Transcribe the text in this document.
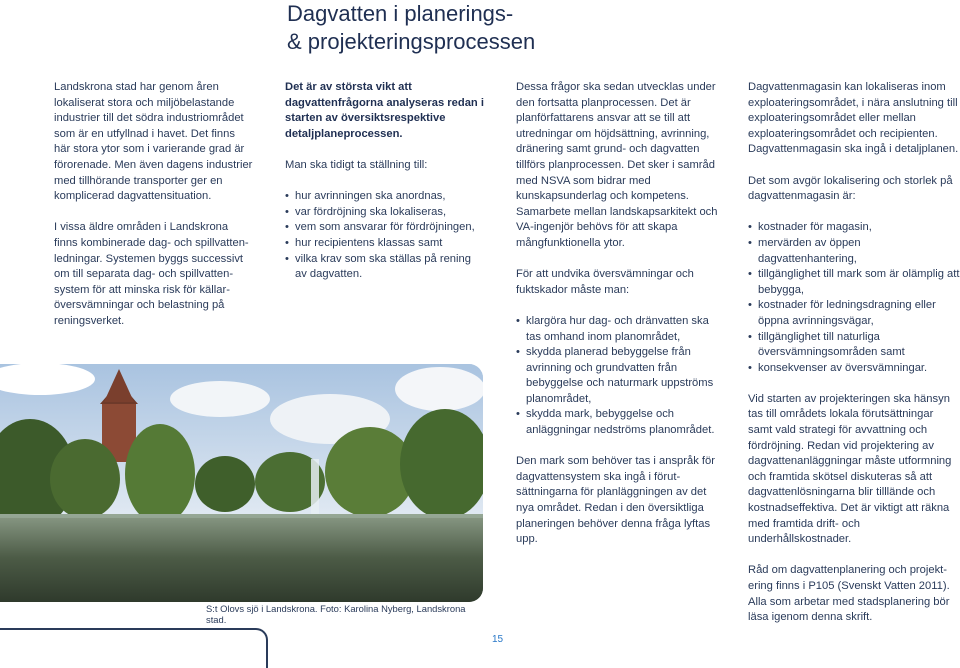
Dagvatten i planerings-
& projekteringsprocessen

Landskrona stad har genom åren lokaliserat stora och miljöbelastande industrier till det södra industriområdet som är en utfyllnad i havet. Det finns här stora ytor som i varierande grad är förorenade. Men även dagens industrier med tillhörande transporter ger en komplicerad dagvattensituation.

I vissa äldre områden i Landskrona finns kombinerade dag- och spillvattenledningar. Systemen byggs successivt om till separata dag- och spillvattensystem för att minska risk för källaröversvämningar och belastning på reningsverket.

Det är av största vikt att dagvattenfrågorna analyseras redan i starten av översiktsrespektive detaljplaneprocessen.

Man ska tidigt ta ställning till:

• hur avrinningen ska anordnas,
• var fördröjning ska lokaliseras,
• vem som ansvarar för fördröjningen,
• hur recipientens klassas samt
• vilka krav som ska ställas på rening av dagvatten.

Dessa frågor ska sedan utvecklas under den fortsatta planprocessen. Det är planförfattarens ansvar att se till att utredningar om höjdsättning, avrinning, dränering samt grund- och dagvatten tillförs planprocessen. Det sker i samråd med NSVA som bidrar med kunskapsunderlag och kompetens. Samarbete mellan landskapsarkitekt och VA-ingenjör behövs för att skapa mångfunktionella ytor.

För att undvika översvämningar och fuktskador måste man:

• klargöra hur dag- och dränvatten ska tas omhand inom planområdet,
• skydda planerad bebyggelse från avrinning och grundvatten från bebyggelse och naturmark uppströms planområdet,
• skydda mark, bebyggelse och anläggningar nedströms planområdet.

Den mark som behöver tas i anspråk för dagvattensystem ska ingå i förutsättningarna för planläggningen av det nya området. Redan i den översiktliga planeringen behöver denna fråga lyftas upp.

Dagvattenmagasin kan lokaliseras inom exploateringsområdet, i nära anslutning till exploateringsområdet eller mellan exploateringsområdet och recipienten. Dagvattenmagasin ska ingå i detaljplanen.

Det som avgör lokalisering och storlek på dagvattenmagasin är:

• kostnader för magasin,
• mervärden av öppen dagvattenhantering,
• tillgänglighet till mark som är olämplig att bebygga,
• kostnader för ledningsdragning eller öppna avrinningsvägar,
• tillgänglighet till naturliga översvämningsområden samt
• konsekvenser av översvämningar.

Vid starten av projekteringen ska hänsyn tas till områdets lokala förutsättningar samt vald strategi för avvattning och fördröjning. Redan vid projektering av dagvattenanläggningar måste utformning och framtida skötsel diskuteras så att dagvattenlösningarna blir tillländе och kostnadseffektiva. Det är viktigt att räkna med framtida drift- och underhållskostnader.

Råd om dagvattenplanering och projektering finns i P105 (Svenskt Vatten 2011). Alla som arbetar med stadsplanering bör läsa igenom denna skrift.

S:t Olovs sjö i Landskrona. Foto: Karolina Nyberg, Landskrona stad.
15
